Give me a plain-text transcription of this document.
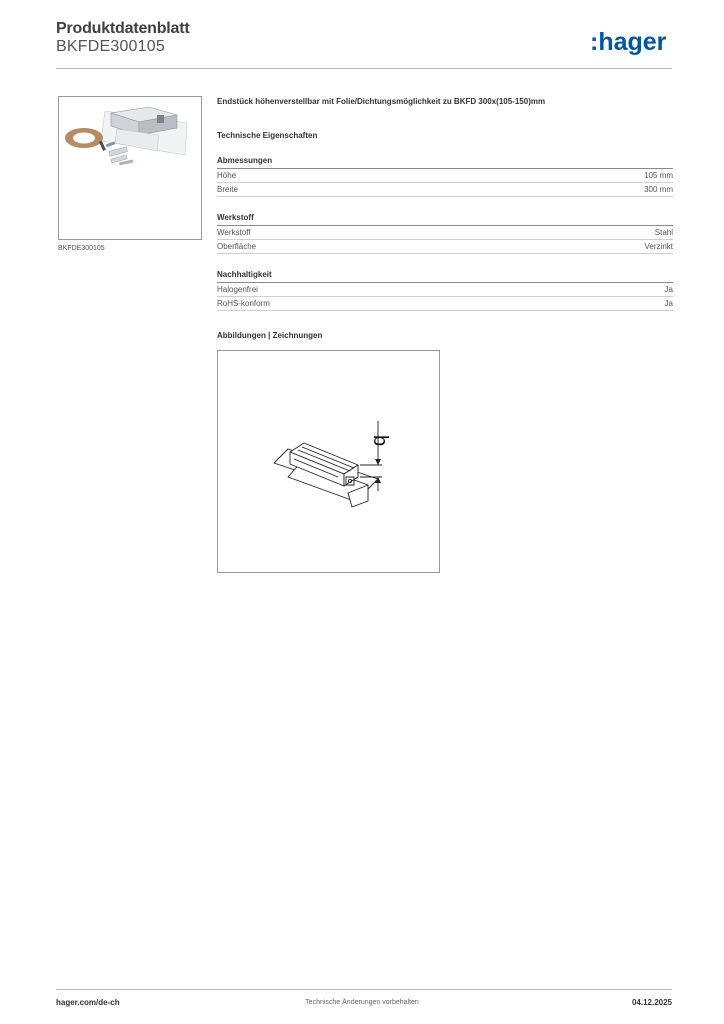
Produktdatenblatt
BKFDE300105	:hager
BKFDE300105
Endstück höhenverstellbar mit Folie/Dichtungsmöglichkeit zu BKFD 300x(105-150)mm
Technische Eigenschaften
Abmessungen
Höhe	105 mm
Breite	300 mm
Werkstoff
Werkstoff	Stahl
Oberfläche	Verzinkt
Nachhaltigkeit
Halogenfrei	Ja
RoHS-konform	Ja
Abbildungen | Zeichnungen
b
hager.com/de-ch	Technische Änderungen vorbehalten	04.12.2025
